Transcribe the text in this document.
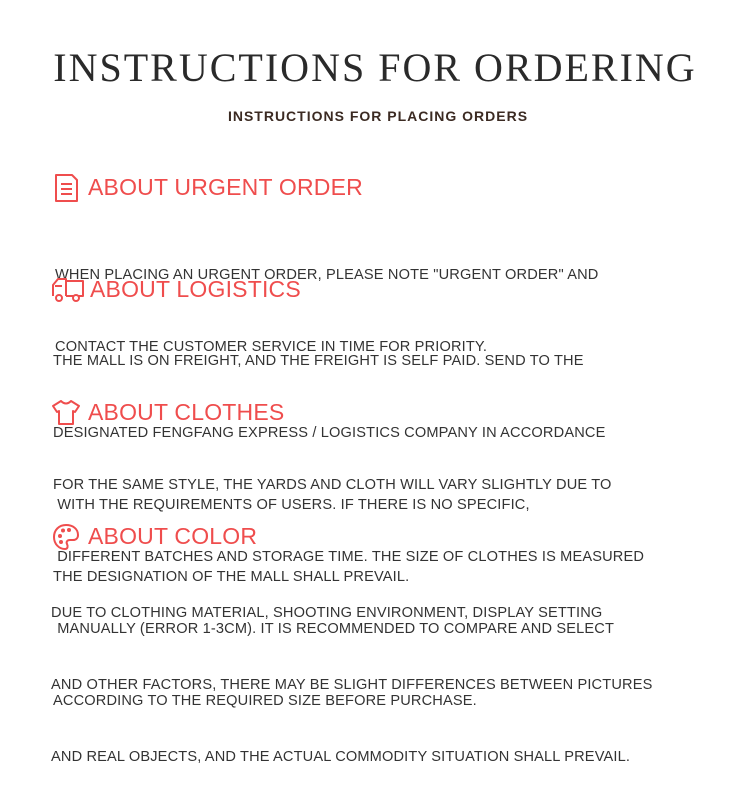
INSTRUCTIONS FOR ORDERING
INSTRUCTIONS FOR PLACING ORDERS
ABOUT URGENT ORDER

WHEN PLACING AN URGENT ORDER, PLEASE NOTE "URGENT ORDER" AND

CONTACT THE CUSTOMER SERVICE IN TIME FOR PRIORITY.

ABOUT LOGISTICS

THE MALL IS ON FREIGHT, AND THE FREIGHT IS SELF PAID. SEND TO THE

DESIGNATED FENGFANG EXPRESS / LOGISTICS COMPANY IN ACCORDANCE

WITH THE REQUIREMENTS OF USERS. IF THERE IS NO SPECIFIC,

THE DESIGNATION OF THE MALL SHALL PREVAIL.

ABOUT CLOTHES

FOR THE SAME STYLE, THE YARDS AND CLOTH WILL VARY SLIGHTLY DUE TO

DIFFERENT BATCHES AND STORAGE TIME. THE SIZE OF CLOTHES IS MEASURED

MANUALLY (ERROR 1-3CM). IT IS RECOMMENDED TO COMPARE AND SELECT

ACCORDING TO THE REQUIRED SIZE BEFORE PURCHASE.

ABOUT COLOR

DUE TO CLOTHING MATERIAL, SHOOTING ENVIRONMENT, DISPLAY SETTING

AND OTHER FACTORS, THERE MAY BE SLIGHT DIFFERENCES BETWEEN PICTURES

AND REAL OBJECTS, AND THE ACTUAL COMMODITY SITUATION SHALL PREVAIL.
